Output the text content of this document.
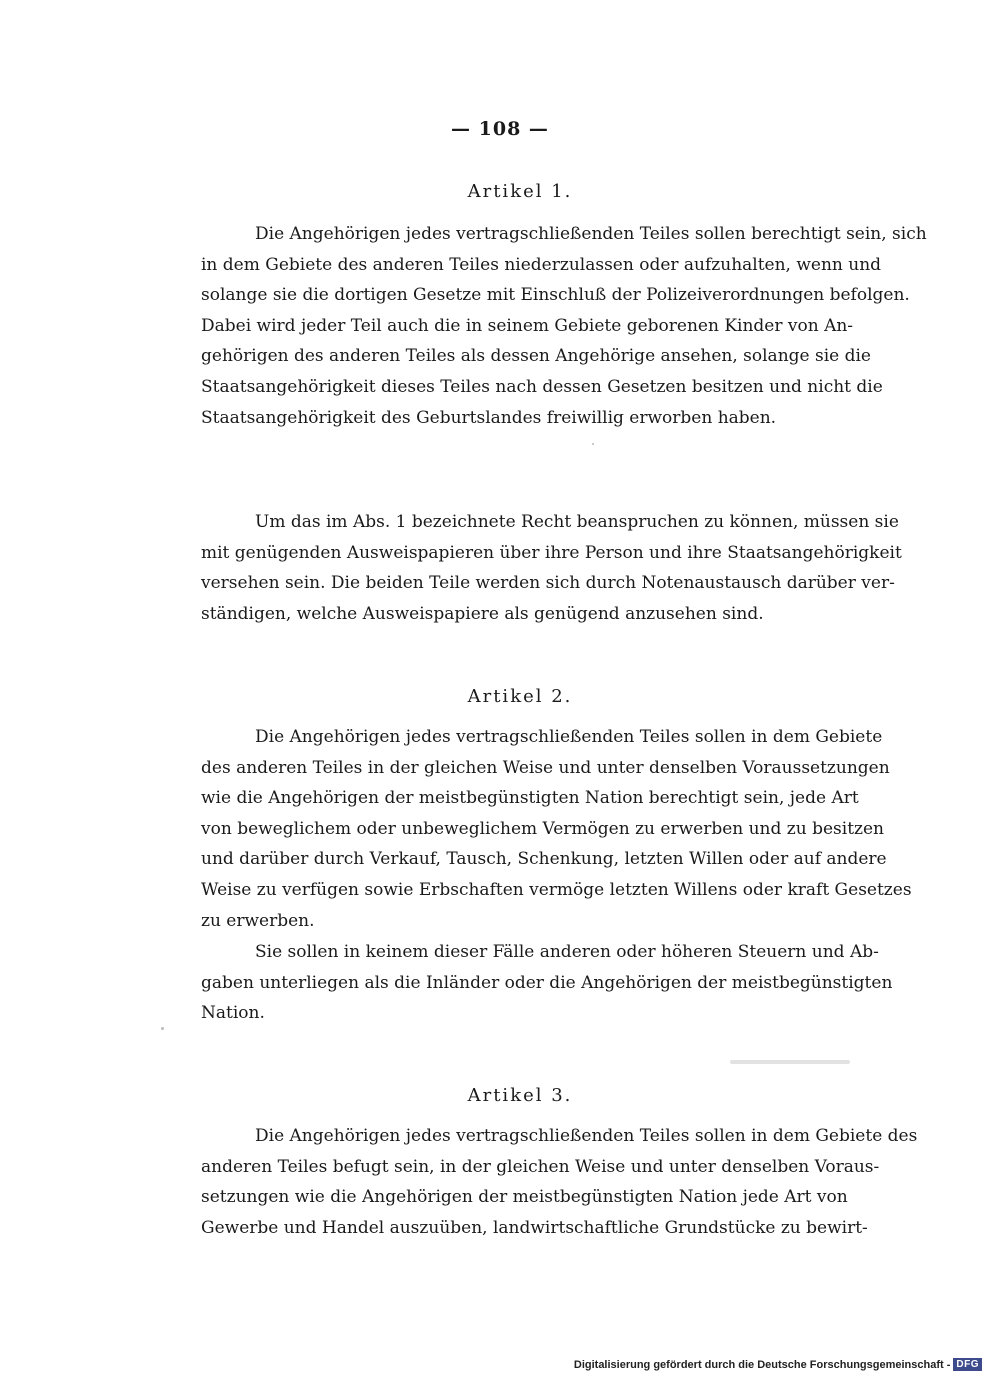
— 108 —
Artikel 1.
Die Angehörigen jedes vertragschließenden Teiles sollen berechtigt sein, sich
in dem Gebiete des anderen Teiles niederzulassen oder aufzuhalten, wenn und
solange sie die dortigen Gesetze mit Einschluß der Polizeiverordnungen befolgen.
Dabei wird jeder Teil auch die in seinem Gebiete geborenen Kinder von An-
gehörigen des anderen Teiles als dessen Angehörige ansehen, solange sie die
Staatsangehörigkeit dieses Teiles nach dessen Gesetzen besitzen und nicht die
Staatsangehörigkeit des Geburtslandes freiwillig erworben haben.
Um das im Abs. 1 bezeichnete Recht beanspruchen zu können, müssen sie
mit genügenden Ausweispapieren über ihre Person und ihre Staatsangehörigkeit
versehen sein. Die beiden Teile werden sich durch Notenaustausch darüber ver-
ständigen, welche Ausweispapiere als genügend anzusehen sind.
Artikel 2.
Die Angehörigen jedes vertragschließenden Teiles sollen in dem Gebiete
des anderen Teiles in der gleichen Weise und unter denselben Voraussetzungen
wie die Angehörigen der meistbegünstigten Nation berechtigt sein, jede Art
von beweglichem oder unbeweglichem Vermögen zu erwerben und zu besitzen
und darüber durch Verkauf, Tausch, Schenkung, letzten Willen oder auf andere
Weise zu verfügen sowie Erbschaften vermöge letzten Willens oder kraft Gesetzes
zu erwerben.
Sie sollen in keinem dieser Fälle anderen oder höheren Steuern und Ab-
gaben unterliegen als die Inländer oder die Angehörigen der meistbegünstigten
Nation.
Artikel 3.
Die Angehörigen jedes vertragschließenden Teiles sollen in dem Gebiete des
anderen Teiles befugt sein, in der gleichen Weise und unter denselben Voraus-
setzungen wie die Angehörigen der meistbegünstigten Nation jede Art von
Gewerbe und Handel auszuüben, landwirtschaftliche Grundstücke zu bewirt-
Digitalisierung gefördert durch die Deutsche Forschungsgemeinschaft - DFG
